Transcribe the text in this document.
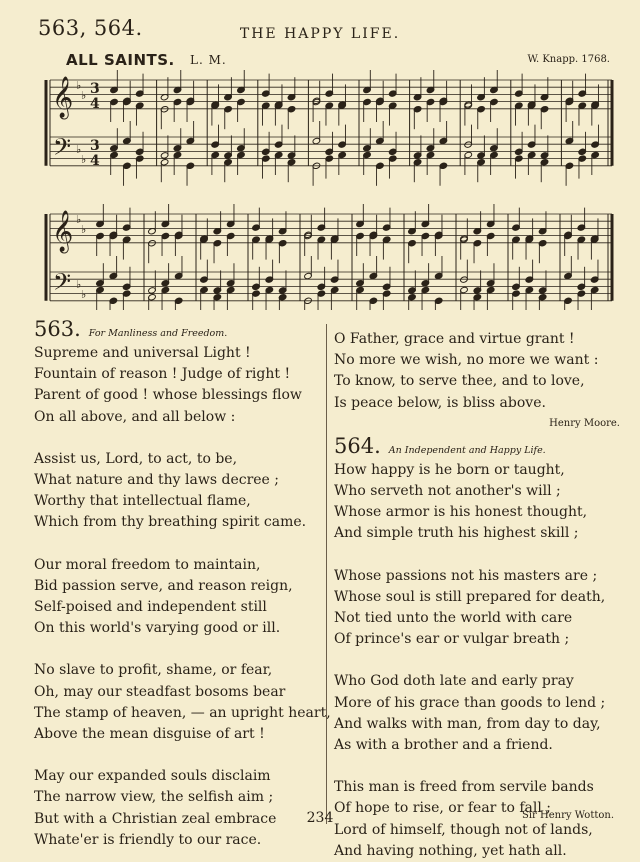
563, 564.	THE HAPPY LIFE.
ALL SAINTS. L. M.	W. Knapp. 1768.
𝄞
𝄢
♭
♭
♭
♭
3
4
3
4
𝄞
𝄢
♭
♭
♭
♭
563. For Manliness and Freedom.
Supreme and universal Light !
Fountain of reason ! Judge of right !
Parent of good ! whose blessings flow
On all above, and all below :
Assist us, Lord, to act, to be,
What nature and thy laws decree ;
Worthy that intellectual flame,
Which from thy breathing spirit came.
Our moral freedom to maintain,
Bid passion serve, and reason reign,
Self-poised and independent still
On this world's varying good or ill.
No slave to profit, shame, or fear,
Oh, may our steadfast bosoms bear
The stamp of heaven, — an upright heart,
Above the mean disguise of art !
May our expanded souls disclaim
The narrow view, the selfish aim ;
But with a Christian zeal embrace
Whate'er is friendly to our race.
O Father, grace and virtue grant !
No more we wish, no more we want :
To know, to serve thee, and to love,
Is peace below, is bliss above.
Henry Moore.
564. An Independent and Happy Life.
How happy is he born or taught,
Who serveth not another's will ;
Whose armor is his honest thought,
And simple truth his highest skill ;
Whose passions not his masters are ;
Whose soul is still prepared for death,
Not tied unto the world with care
Of prince's ear or vulgar breath ;
Who God doth late and early pray
More of his grace than goods to lend ;
And walks with man, from day to day,
As with a brother and a friend.
This man is freed from servile bands
Of hope to rise, or fear to fall ;
Lord of himself, though not of lands,
And having nothing, yet hath all.
234	Sir Henry Wotton.
